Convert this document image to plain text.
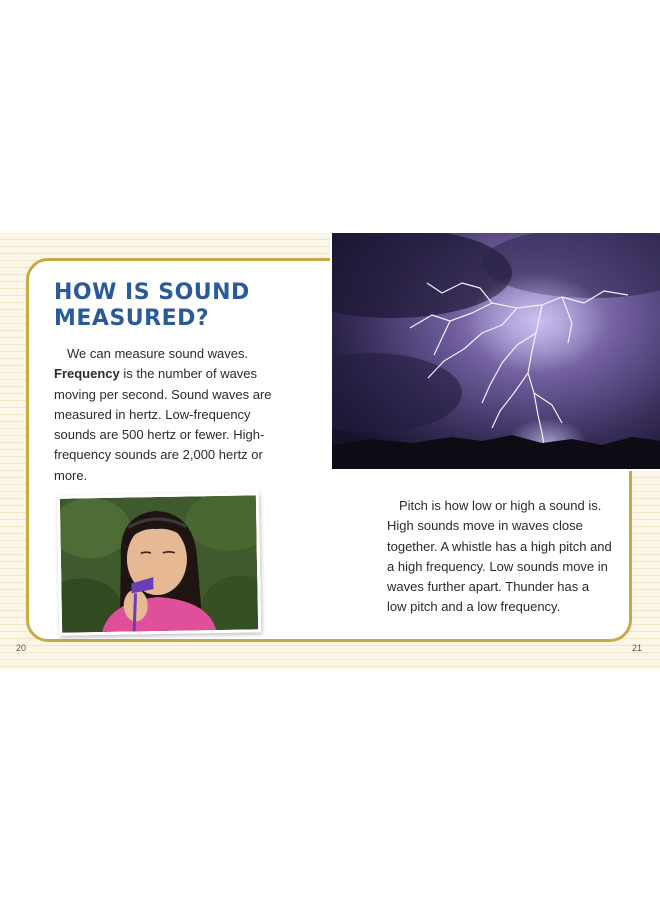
HOW IS SOUND
MEASURED?

We can measure sound waves.
Frequency is the number of waves moving per second. Sound waves are measured in hertz. Low-frequency sounds are 500 hertz or fewer. High-frequency sounds are 2,000 hertz or more.

Pitch is how low or high a sound is. High sounds move in waves close together. A whistle has a high pitch and a high frequency. Low sounds move in waves further apart. Thunder has a low pitch and a low frequency.

20	21
